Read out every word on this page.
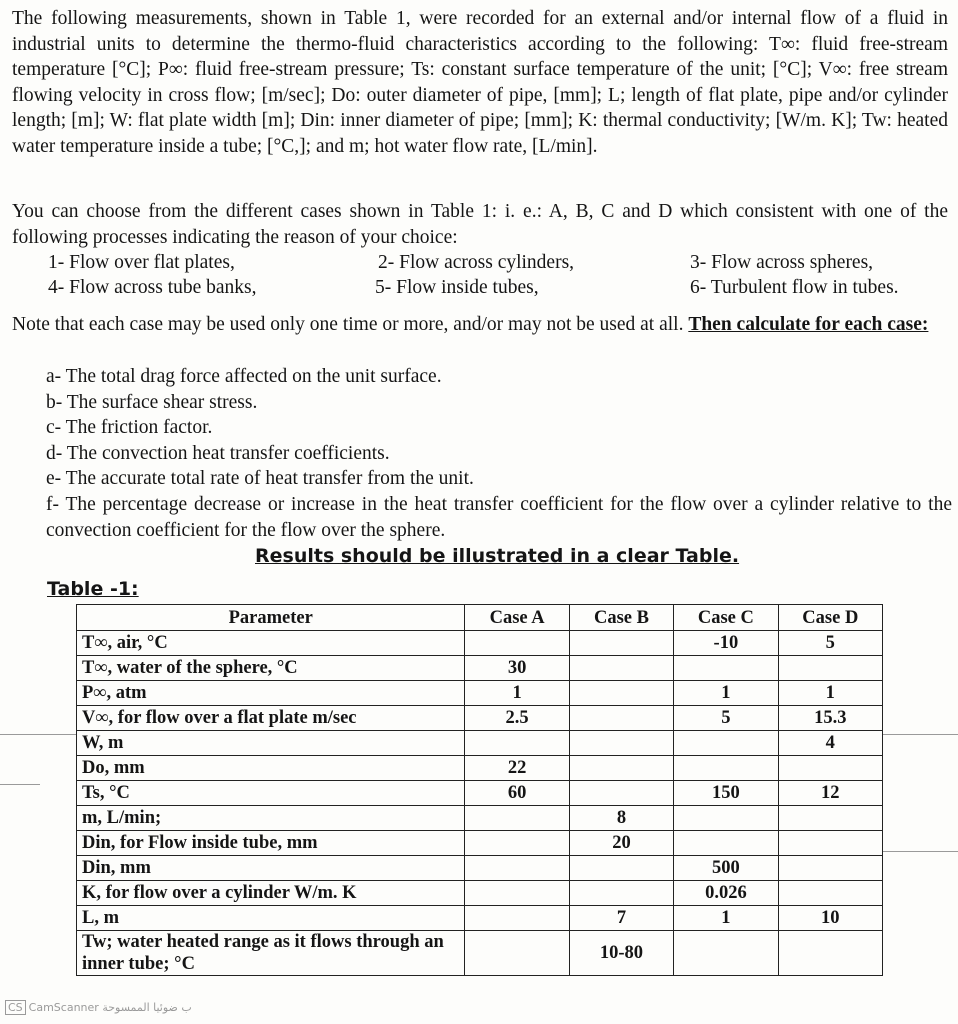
The following measurements, shown in Table 1, were recorded for an external and/or internal flow of a fluid in industrial units to determine the thermo-fluid characteristics according to the following: T∞: fluid free-stream temperature [°C]; P∞: fluid free-stream pressure; Ts: constant surface temperature of the unit; [°C]; V∞: free stream flowing velocity in cross flow; [m/sec]; Do: outer diameter of pipe, [mm]; L; length of flat plate, pipe and/or cylinder length; [m]; W: flat plate width [m]; Din: inner diameter of pipe; [mm]; K: thermal conductivity; [W/m. K]; Tw: heated water temperature inside a tube; [°C,]; and m; hot water flow rate, [L/min].

You can choose from the different cases shown in Table 1: i. e.: A, B, C and D which consistent with one of the following processes indicating the reason of your choice:

1- Flow over flat plates,	2- Flow across cylinders,	3- Flow across spheres,
4- Flow across tube banks,	5- Flow inside tubes,	6- Turbulent flow in tubes.

Note that each case may be used only one time or more, and/or may not be used at all. Then calculate for each case:

a- The total drag force affected on the unit surface.
b- The surface shear stress.
c- The friction factor.
d- The convection heat transfer coefficients.
e- The accurate total rate of heat transfer from the unit.
f- The percentage decrease or increase in the heat transfer coefficient for the flow over a cylinder relative to the convection coefficient for the flow over the sphere.
Results should be illustrated in a clear Table.
Table -1:
Parameter	Case A	Case B	Case C	Case D
T∞, air, °C			-10	5
T∞, water of the sphere, °C	30			
P∞, atm	1		1	1
V∞, for flow over a flat plate m/sec	2.5		5	15.3
W, m				4
Do, mm	22			
Ts, °C	60		150	12
m, L/min;		8		
Din, for Flow inside tube, mm		20		
Din, mm			500	
K, for flow over a cylinder W/m. K			0.026	
L, m		7	1	10
Tw; water heated range as it flows through an inner tube; °C		10-80		
CS CamScanner ب ضوئيا الممسوحة
